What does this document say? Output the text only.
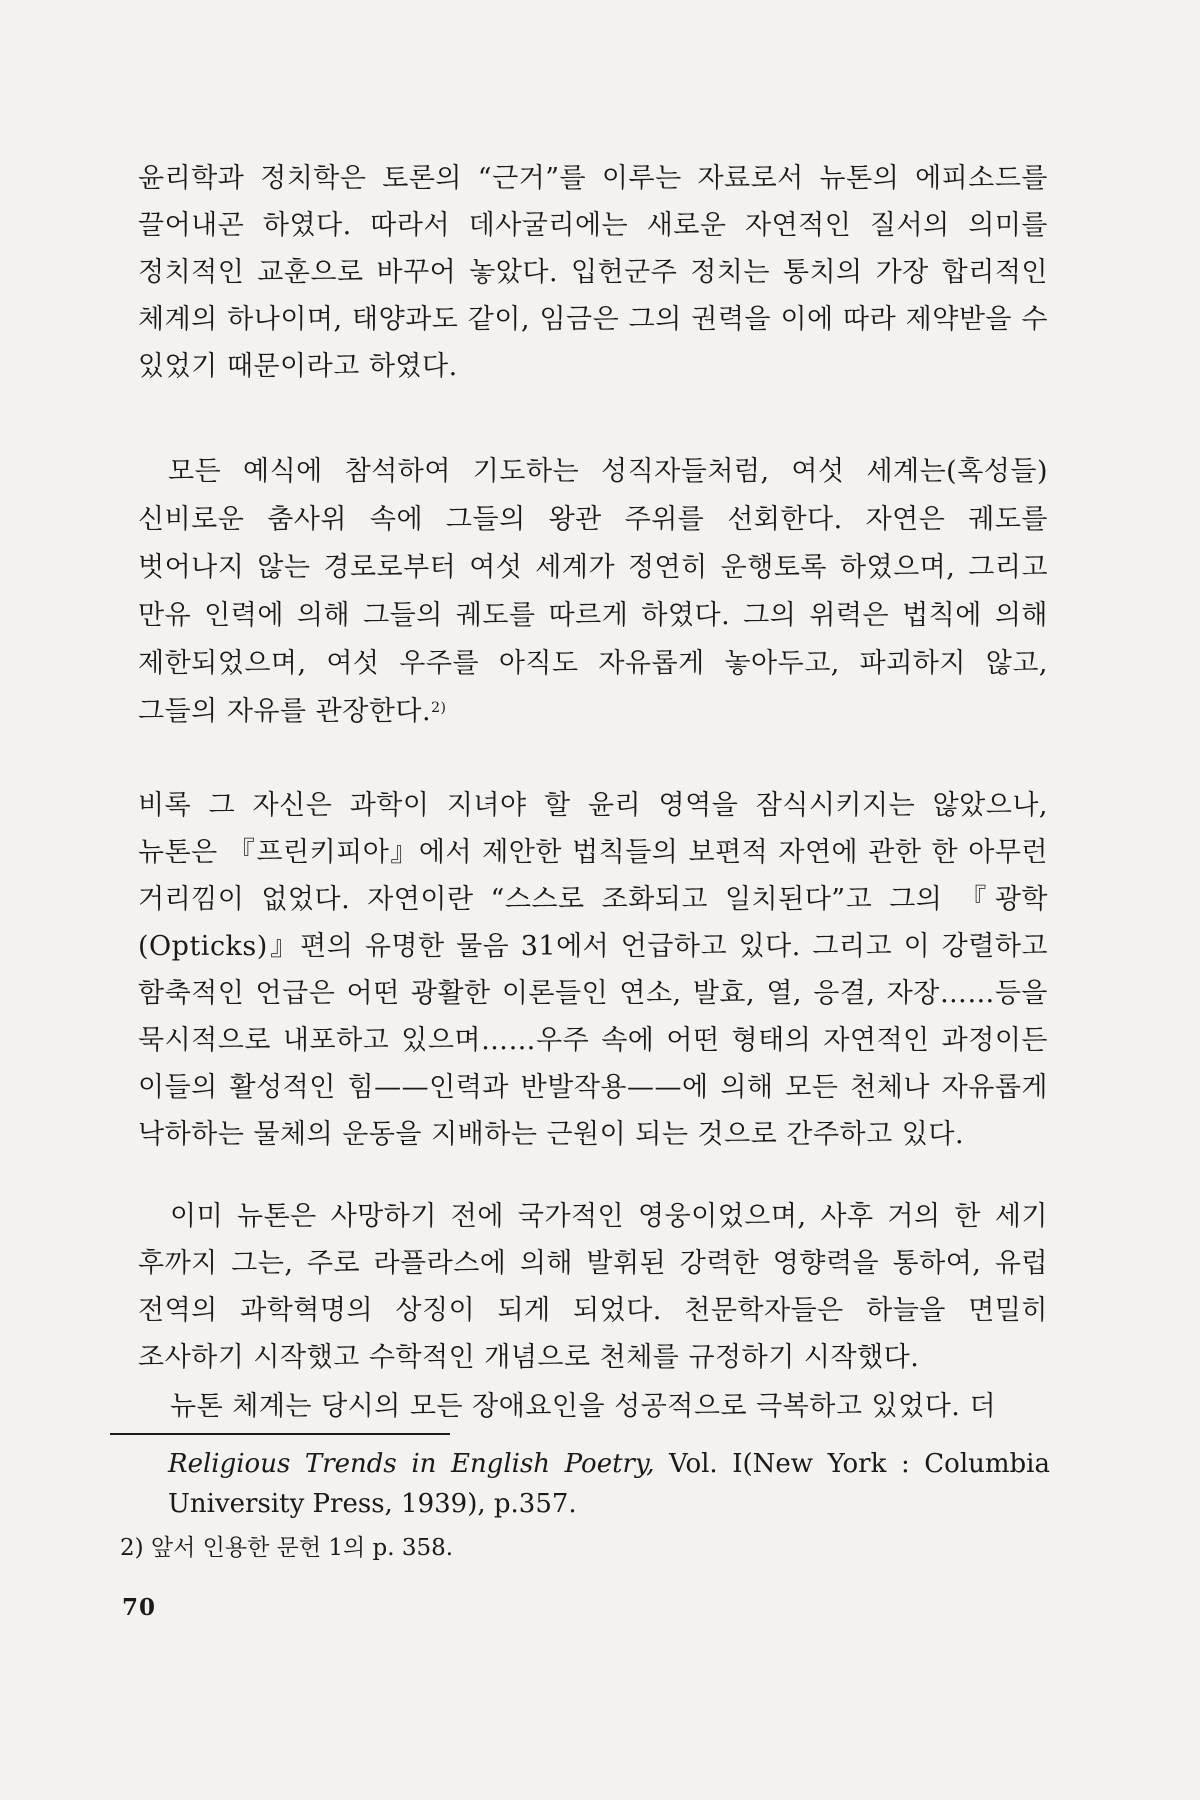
윤리학과 정치학은 토론의 “근거”를 이루는 자료로서 뉴톤의 에피소드를 끌어내곤 하였다. 따라서 데사굴리에는 새로운 자연적인 질서의 의미를 정치적인 교훈으로 바꾸어 놓았다. 입헌군주 정치는 통치의 가장 합리적인 체계의 하나이며, 태양과도 같이, 임금은 그의 권력을 이에 따라 제약받을 수 있었기 때문이라고 하였다.

모든 예식에 참석하여 기도하는 성직자들처럼, 여섯 세계는(혹성들) 신비로운 춤사위 속에 그들의 왕관 주위를 선회한다. 자연은 궤도를 벗어나지 않는 경로로부터 여섯 세계가 정연히 운행토록 하였으며, 그리고 만유 인력에 의해 그들의 궤도를 따르게 하였다. 그의 위력은 법칙에 의해 제한되었으며, 여섯 우주를 아직도 자유롭게 놓아두고, 파괴하지 않고, 그들의 자유를 관장한다.$^{2)}$

비록 그 자신은 과학이 지녀야 할 윤리 영역을 잠식시키지는 않았으나, 뉴톤은 『프린키피아』에서 제안한 법칙들의 보편적 자연에 관한 한 아무런 거리낌이 없었다. 자연이란 “스스로 조화되고 일치된다”고 그의 『광학(Opticks)』편의 유명한 물음 31에서 언급하고 있다. 그리고 이 강렬하고 함축적인 언급은 어떤 광활한 이론들인 연소, 발효, 열, 응결, 자장……등을 묵시적으로 내포하고 있으며……우주 속에 어떤 형태의 자연적인 과정이든 이들의 활성적인 힘——인력과 반발작용——에 의해 모든 천체나 자유롭게 낙하하는 물체의 운동을 지배하는 근원이 되는 것으로 간주하고 있다.

이미 뉴톤은 사망하기 전에 국가적인 영웅이었으며, 사후 거의 한 세기 후까지 그는, 주로 라플라스에 의해 발휘된 강력한 영향력을 통하여, 유럽 전역의 과학혁명의 상징이 되게 되었다. 천문학자들은 하늘을 면밀히 조사하기 시작했고 수학적인 개념으로 천체를 규정하기 시작했다.

뉴톤 체계는 당시의 모든 장애요인을 성공적으로 극복하고 있었다. 더

Religious Trends in English Poetry, Vol. I(New York : Columbia University Press, 1939), p.357.
2) 앞서 인용한 문헌 1의 p. 358.
70
